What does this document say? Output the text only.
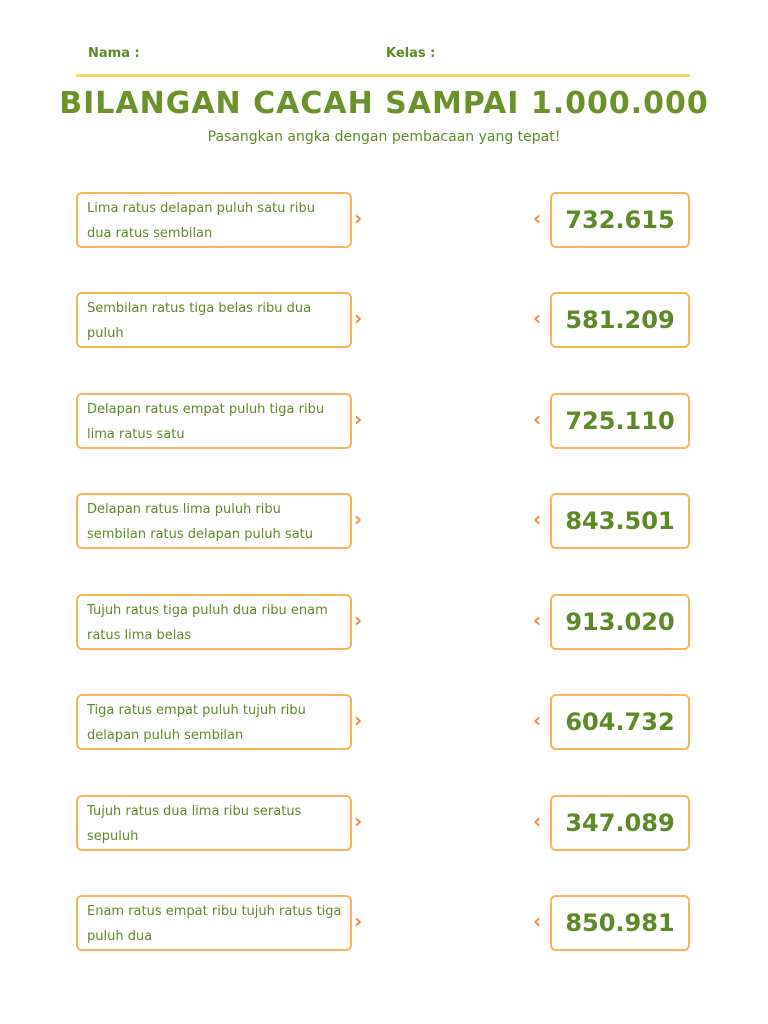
Nama :	Kelas :
BILANGAN CACAH SAMPAI 1.000.000
Pasangkan angka dengan pembacaan yang tepat!
Lima ratus delapan puluh satu ribu dua ratus sembilan
›	‹	732.615
Sembilan ratus tiga belas ribu dua puluh
›	‹	581.209
Delapan ratus empat puluh tiga ribu lima ratus satu
›	‹	725.110
Delapan ratus lima puluh ribu sembilan ratus delapan puluh satu
›	‹	843.501
Tujuh ratus tiga puluh dua ribu enam ratus lima belas
›	‹	913.020
Tiga ratus empat puluh tujuh ribu delapan puluh sembilan
›	‹	604.732
Tujuh ratus dua lima ribu seratus sepuluh
›	‹	347.089
Enam ratus empat ribu tujuh ratus tiga puluh dua
›	‹	850.981
